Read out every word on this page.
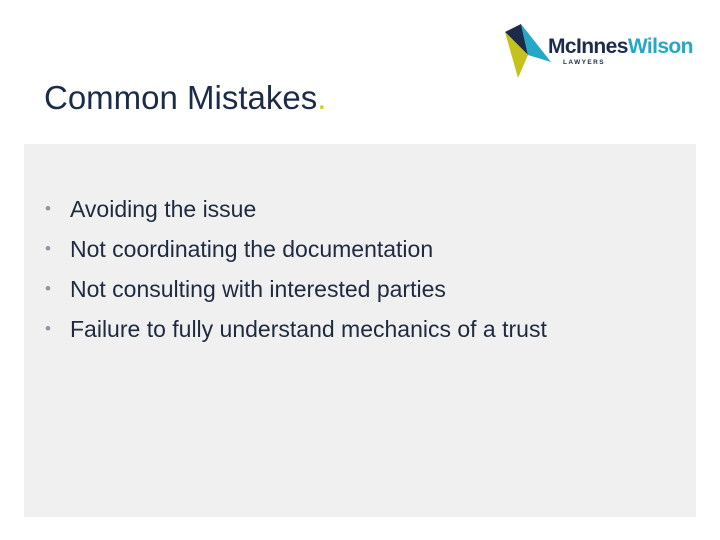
McInnesWilson
LAWYERS
Common Mistakes.
• Avoiding the issue
• Not coordinating the documentation
• Not consulting with interested parties
• Failure to fully understand mechanics of a trust
